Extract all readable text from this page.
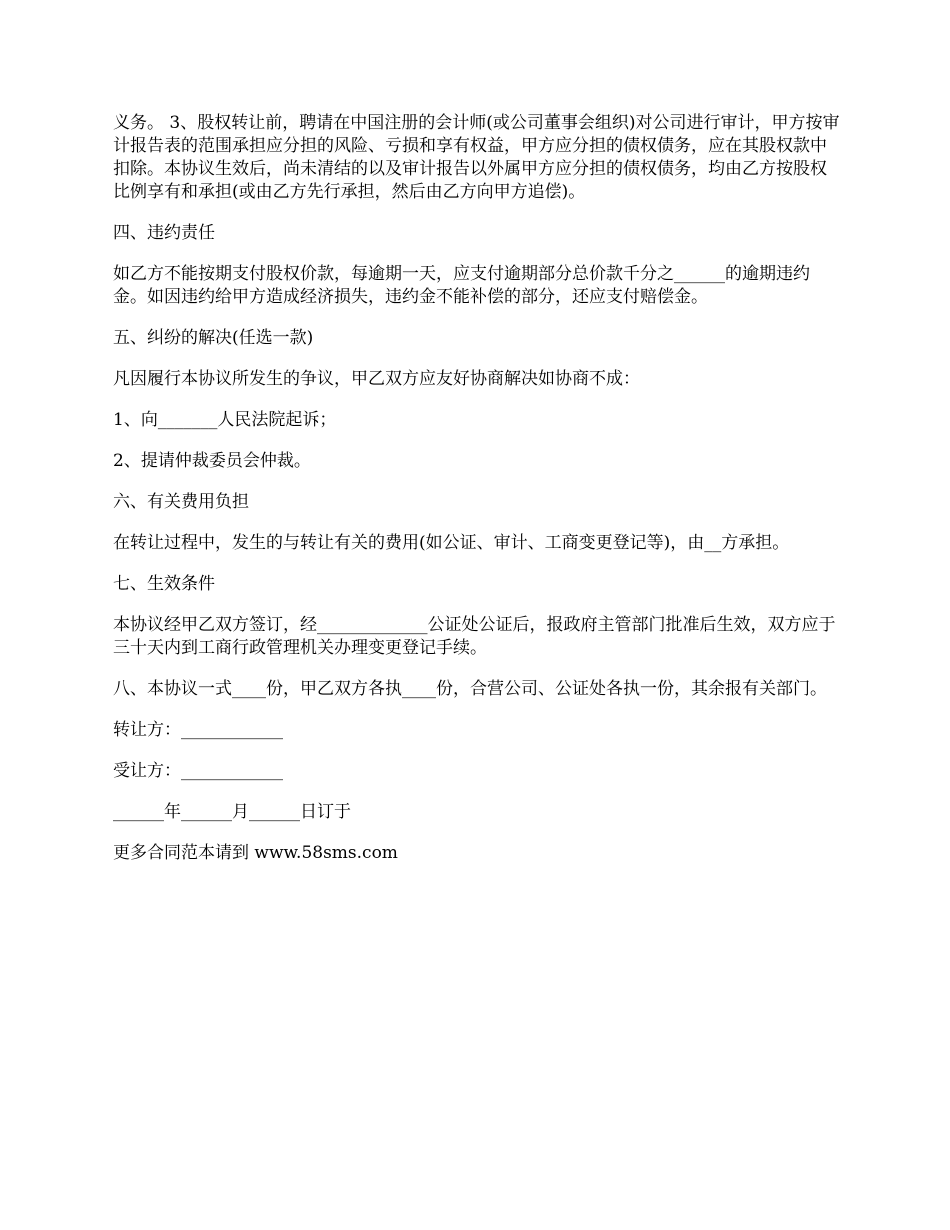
义务。 3、股权转让前，聘请在中国注册的会计师(或公司董事会组织)对公司进行审计，甲方按审计报告表的范围承担应分担的风险、亏损和享有权益，甲方应分担的债权债务，应在其股权款中扣除。本协议生效后，尚未清结的以及审计报告以外属甲方应分担的债权债务，均由乙方按股权比例享有和承担(或由乙方先行承担，然后由乙方向甲方追偿)。

四、违约责任

如乙方不能按期支付股权价款，每逾期一天，应支付逾期部分总价款千分之______的逾期违约金。如因违约给甲方造成经济损失，违约金不能补偿的部分，还应支付赔偿金。

五、纠纷的解决(任选一款)

凡因履行本协议所发生的争议，甲乙双方应友好协商解决如协商不成：

1、向_______人民法院起诉；

2、提请仲裁委员会仲裁。

六、有关费用负担

在转让过程中，发生的与转让有关的费用(如公证、审计、工商变更登记等)，由__方承担。

七、生效条件

本协议经甲乙双方签订，经_____________公证处公证后，报政府主管部门批准后生效，双方应于三十天内到工商行政管理机关办理变更登记手续。

八、本协议一式____份，甲乙双方各执____份，合营公司、公证处各执一份，其余报有关部门。

转让方：____________

受让方：____________

______年______月______日订于

更多合同范本请到 www.58sms.com
